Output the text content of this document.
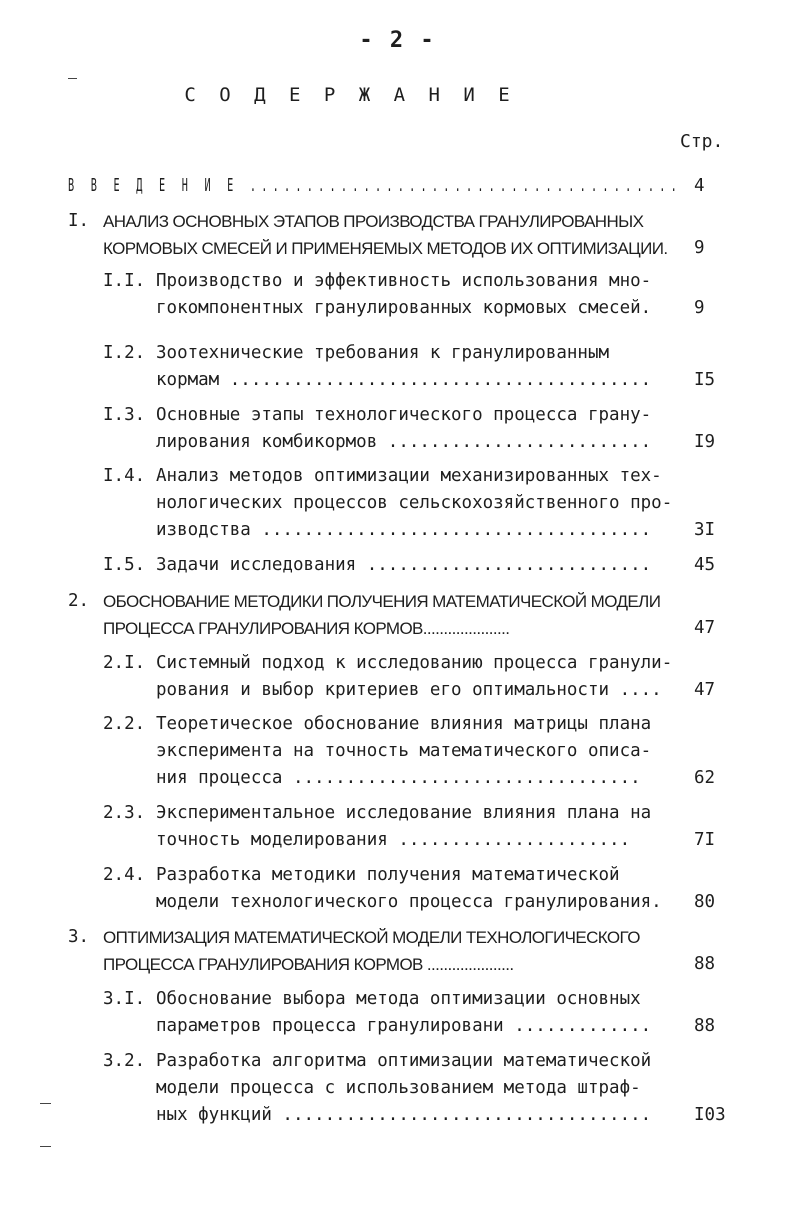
- 2 -
С О Д Е Р Ж А Н И Е
Стр.
В В Е Д Е Н И Е ...................................... 4
I. АНАЛИЗ ОСНОВНЫХ ЭТАПОВ ПРОИЗВОДСТВА ГРАНУЛИРОВАННЫХ
КОРМОВЫХ СМЕСЕЙ И ПРИМЕНЯЕМЫХ МЕТОДОВ ИХ ОПТИМИЗАЦИИ. 9
I.I. Производство и эффективность использования мно-
гокомпонентных гранулированных кормовых смесей. 9
I.2. Зоотехнические требования к гранулированным
кормам ........................................ I5
I.3. Основные этапы технологического процесса грану-
лирования комбикормов ......................... I9
I.4. Анализ методов оптимизации механизированных тех-
нологических процессов сельскохозяйственного про-
изводства ..................................... 3I
I.5. Задачи исследования ........................... 45
2. ОБОСНОВАНИЕ МЕТОДИКИ ПОЛУЧЕНИЯ МАТЕМАТИЧЕСКОЙ МОДЕЛИ
ПРОЦЕССА ГРАНУЛИРОВАНИЯ КОРМОВ.....................	47
2.I. Системный подход к исследованию процесса гранули-
рования и выбор критериев его оптимальности .... 47
2.2. Теоретическое обоснование влияния матрицы плана
эксперимента на точность математического описа-
ния процесса .................................	62
2.3. Экспериментальное исследование влияния плана на
точность моделирования ......................	7I
2.4. Разработка методики получения математической
модели технологического процесса гранулирования. 80
3. ОПТИМИЗАЦИЯ МАТЕМАТИЧЕСКОЙ МОДЕЛИ ТЕХНОЛОГИЧЕСКОГО
ПРОЦЕССА ГРАНУЛИРОВАНИЯ КОРМОВ .....................	88
3.I. Обоснование выбора метода оптимизации основных
параметров процесса гранулировани ............. 88
3.2. Разработка алгоритма оптимизации математической
модели процесса с использованием метода штраф-
ных функций ................................... I03
